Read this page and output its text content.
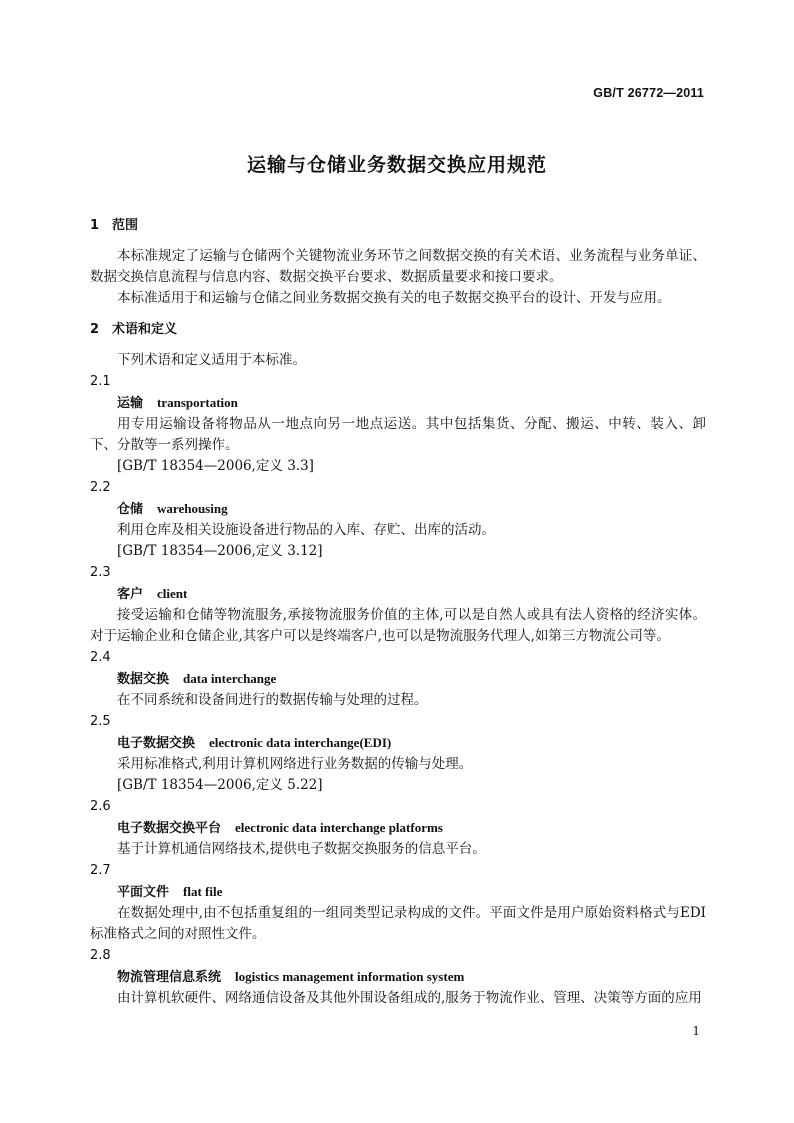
GB/T 26772—2011
运输与仓储业务数据交换应用规范
1 范围

本标准规定了运输与仓储两个关键物流业务环节之间数据交换的有关术语、业务流程与业务单证、数据交换信息流程与信息内容、数据交换平台要求、数据质量要求和接口要求。

本标准适用于和运输与仓储之间业务数据交换有关的电子数据交换平台的设计、开发与应用。

2 术语和定义

下列术语和定义适用于本标准。

2.1
运输 transportation

用专用运输设备将物品从一地点向另一地点运送。其中包括集货、分配、搬运、中转、装入、卸下、分散等一系列操作。

[GB/T 18354—2006,定义 3.3]

2.2
仓储 warehousing

利用仓库及相关设施设备进行物品的入库、存贮、出库的活动。

[GB/T 18354—2006,定义 3.12]

2.3
客户 client

接受运输和仓储等物流服务,承接物流服务价值的主体,可以是自然人或具有法人资格的经济实体。对于运输企业和仓储企业,其客户可以是终端客户,也可以是物流服务代理人,如第三方物流公司等。

2.4
数据交换 data interchange

在不同系统和设备间进行的数据传输与处理的过程。

2.5
电子数据交换 electronic data interchange(EDI)

采用标准格式,利用计算机网络进行业务数据的传输与处理。

[GB/T 18354—2006,定义 5.22]

2.6
电子数据交换平台 electronic data interchange platforms

基于计算机通信网络技术,提供电子数据交换服务的信息平台。

2.7
平面文件 flat file

在数据处理中,由不包括重复组的一组同类型记录构成的文件。平面文件是用户原始资料格式与EDI标准格式之间的对照性文件。

2.8
物流管理信息系统 logistics management information system

由计算机软硬件、网络通信设备及其他外围设备组成的,服务于物流作业、管理、决策等方面的应用

1
